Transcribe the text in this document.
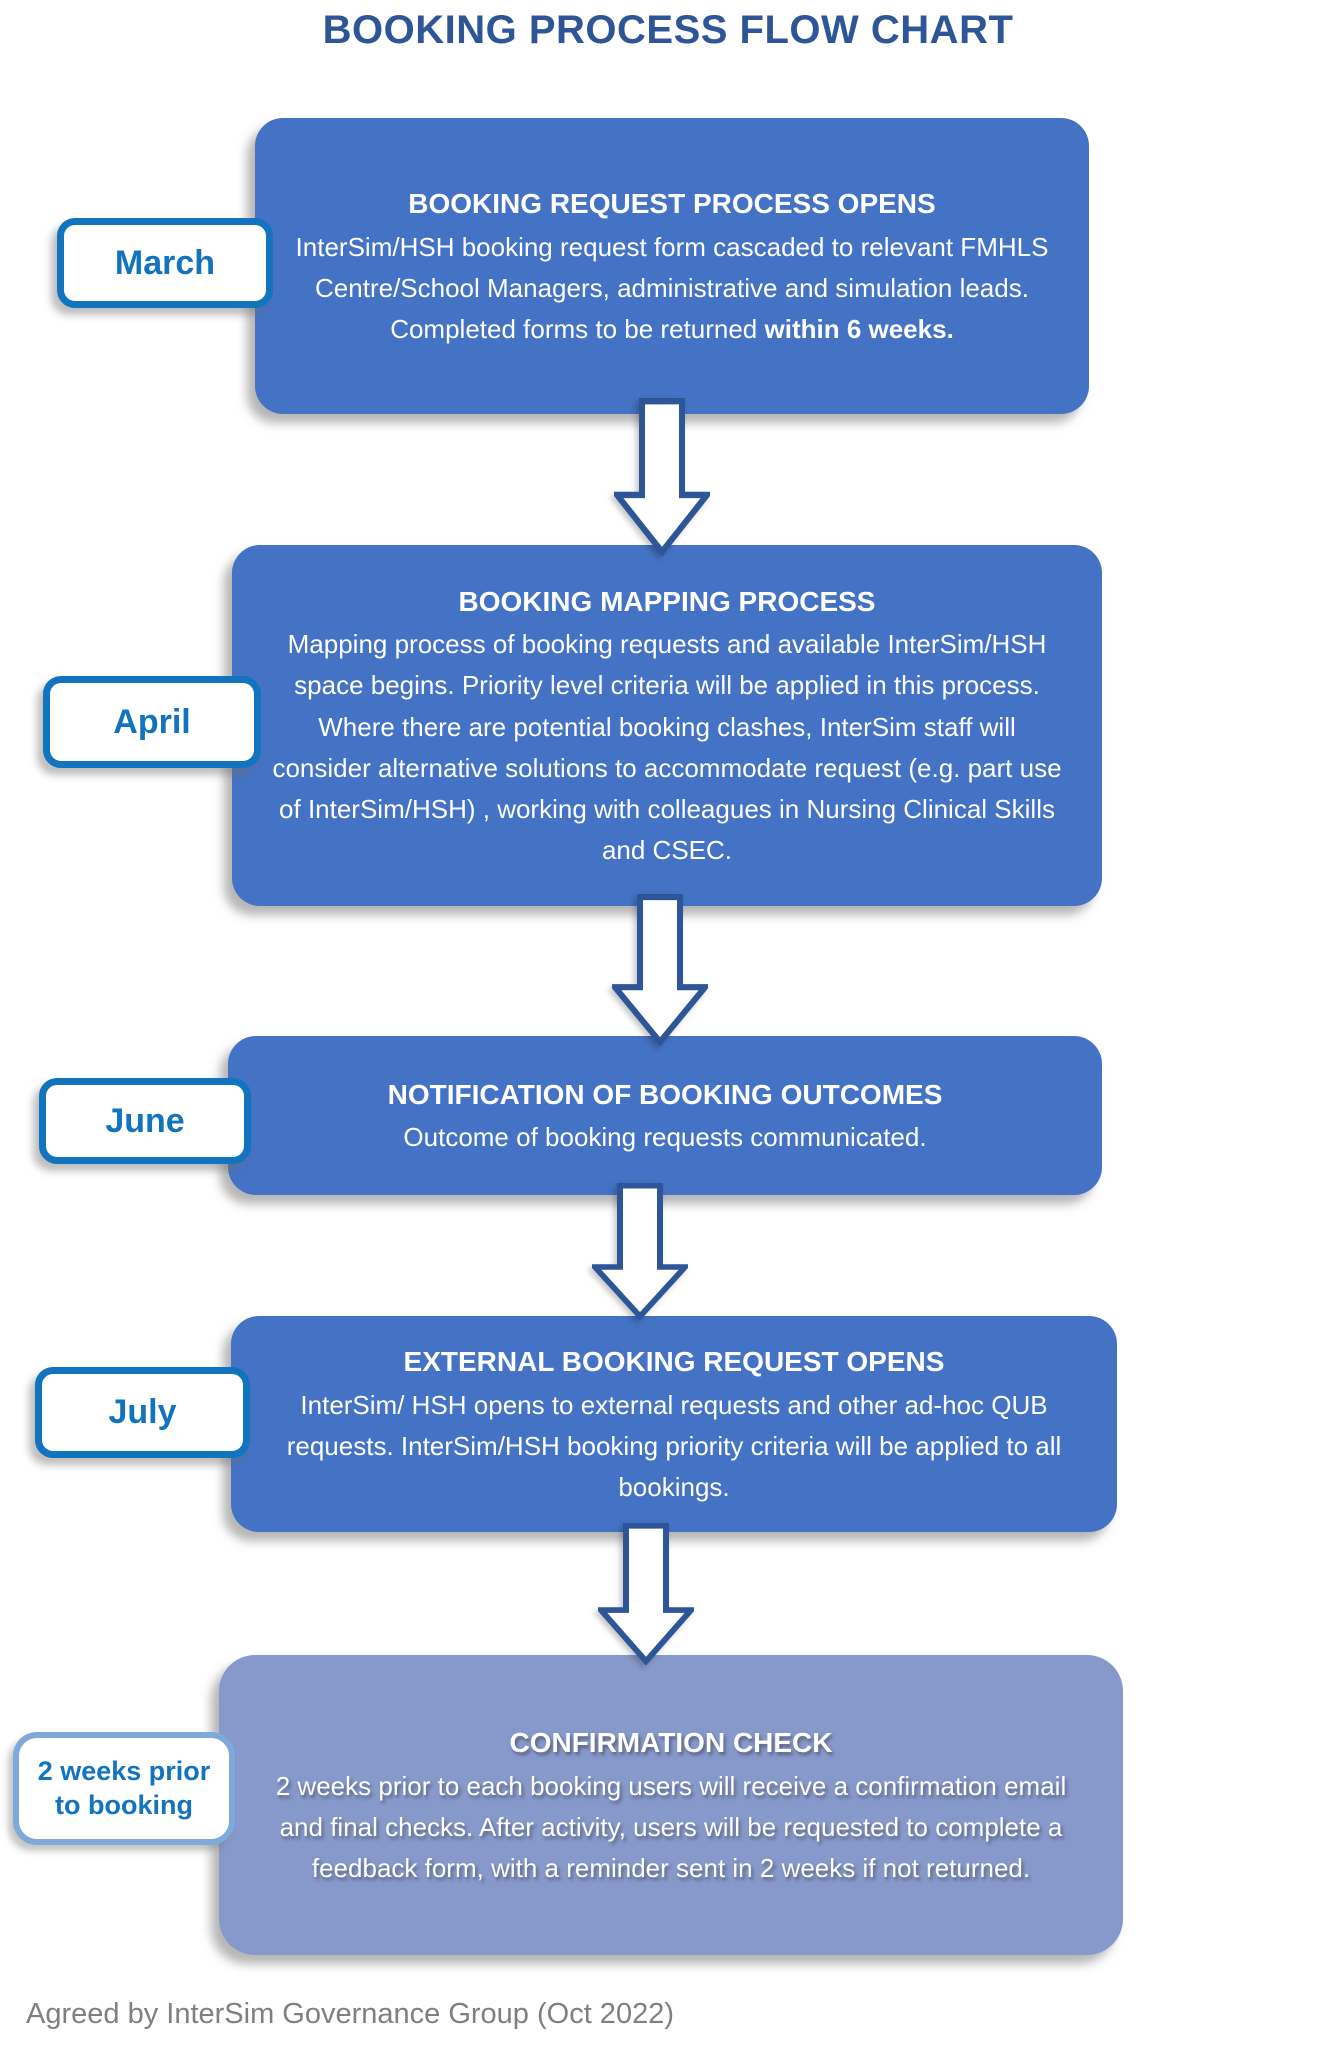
BOOKING PROCESS FLOW CHART
March
BOOKING REQUEST PROCESS OPENS
InterSim/HSH booking request form cascaded to relevant FMHLS Centre/School Managers, administrative and simulation leads. Completed forms to be returned within 6 weeks.
April
BOOKING MAPPING PROCESS
Mapping process of booking requests and available InterSim/HSH space begins. Priority level criteria will be applied in this process. Where there are potential booking clashes, InterSim staff will consider alternative solutions to accommodate request (e.g. part use of InterSim/HSH) , working with colleagues in Nursing Clinical Skills and CSEC.
June
NOTIFICATION OF BOOKING OUTCOMES
Outcome of booking requests communicated.
July
EXTERNAL BOOKING REQUEST OPENS
InterSim/ HSH opens to external requests and other ad-hoc QUB requests. InterSim/HSH booking priority criteria will be applied to all bookings.
2 weeks prior to booking
CONFIRMATION CHECK
2 weeks prior to each booking users will receive a confirmation email and final checks. After activity, users will be requested to complete a feedback form, with a reminder sent in 2 weeks if not returned.
Agreed by InterSim Governance Group (Oct 2022)
